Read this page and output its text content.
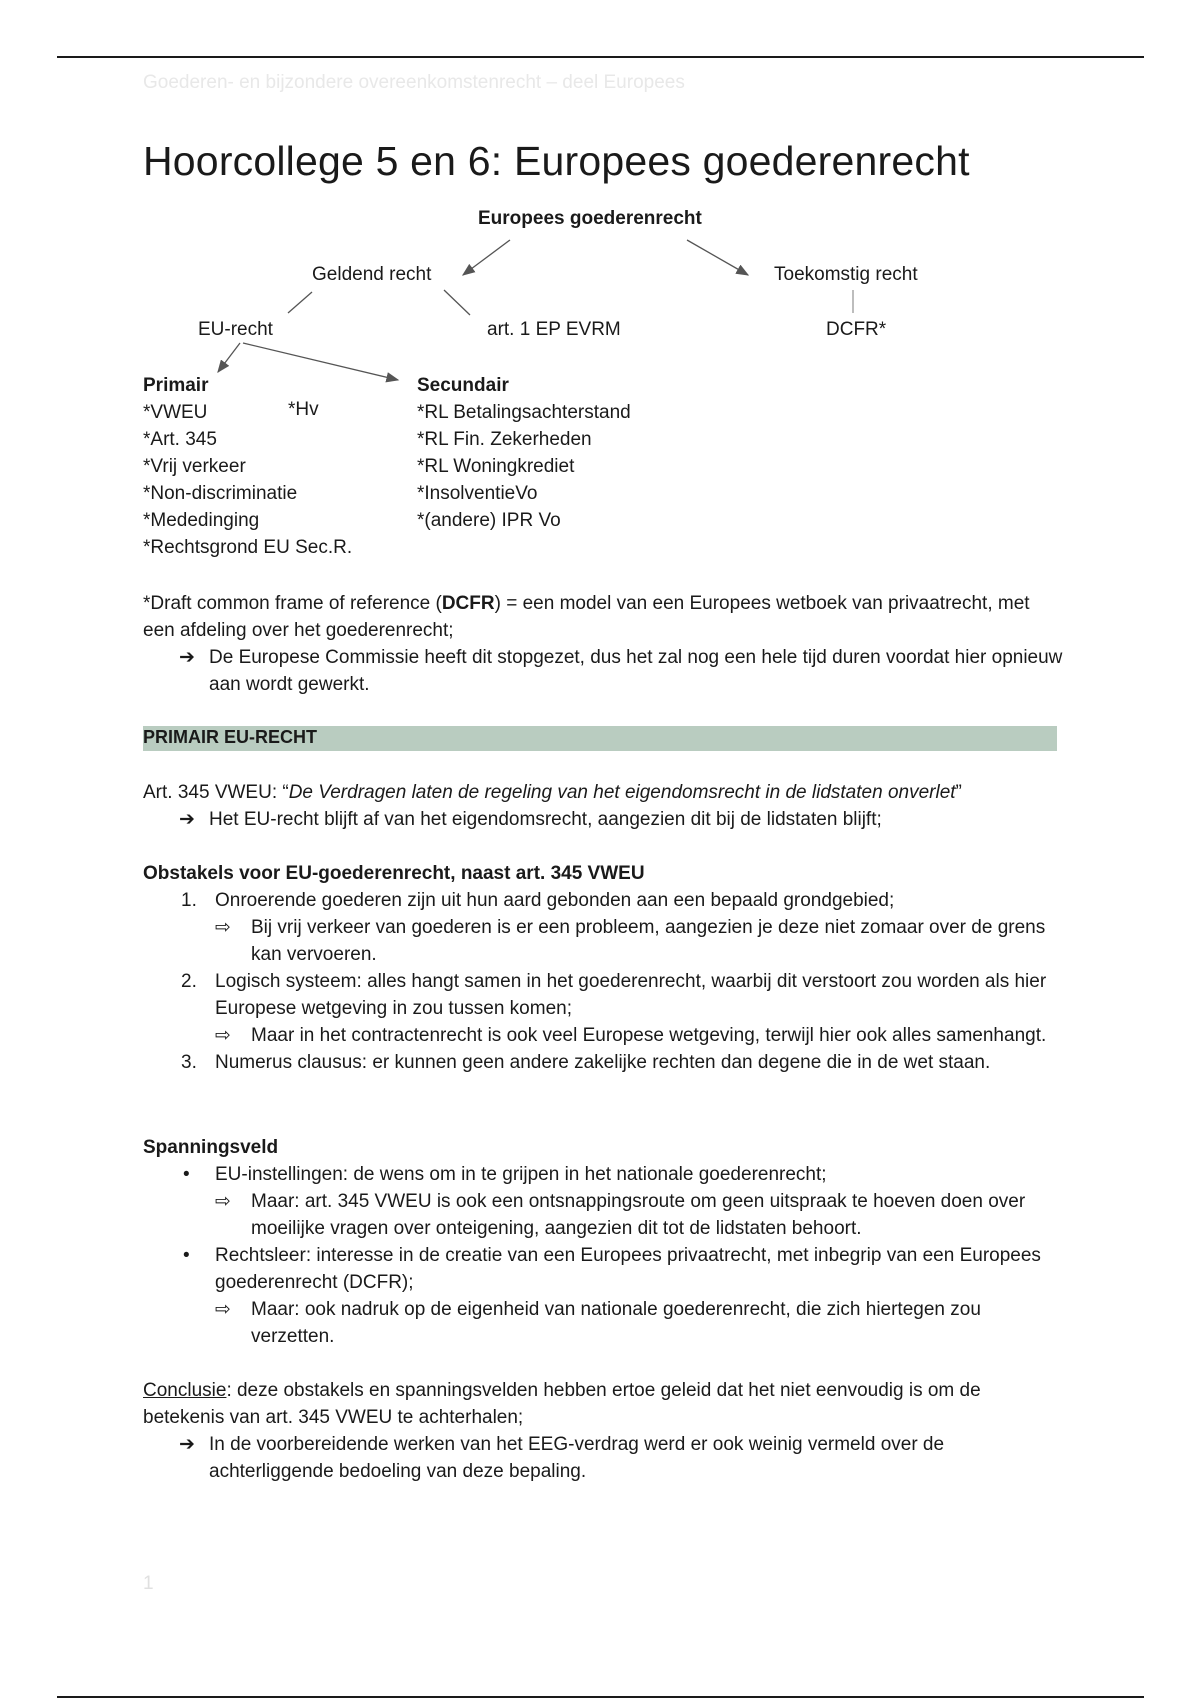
Goederen- en bijzondere overeenkomstenrecht – deel Europees
Hoorcollege 5 en 6: Europees goederenrecht
Europees goederenrecht
Geldend recht	Toekomstig recht
EU-recht	art. 1 EP EVRM	DCFR*
Primair
*VWEU
*Art. 345
*Vrij verkeer
*Non-discriminatie
*Mededinging
*Rechtsgrond EU Sec.R.
*Hv
Secundair
*RL Betalingsachterstand
*RL Fin. Zekerheden
*RL Woningkrediet
*InsolventieVo
*(andere) IPR Vo
*Draft common frame of reference (DCFR) = een model van een Europees wetboek van privaatrecht, met een afdeling over het goederenrecht;
➔ De Europese Commissie heeft dit stopgezet, dus het zal nog een hele tijd duren voordat hier opnieuw aan wordt gewerkt.
PRIMAIR EU-RECHT
Art. 345 VWEU: “De Verdragen laten de regeling van het eigendomsrecht in de lidstaten onverlet”
➔ Het EU-recht blijft af van het eigendomsrecht, aangezien dit bij de lidstaten blijft;
Obstakels voor EU-goederenrecht, naast art. 345 VWEU
1. Onroerende goederen zijn uit hun aard gebonden aan een bepaald grondgebied;
⇨	Bij vrij verkeer van goederen is er een probleem, aangezien je deze niet zomaar over de grens kan vervoeren.
2. Logisch systeem: alles hangt samen in het goederenrecht, waarbij dit verstoort zou worden als hier Europese wetgeving in zou tussen komen;
⇨	Maar in het contractenrecht is ook veel Europese wetgeving, terwijl hier ook alles samenhangt.
3. Numerus clausus: er kunnen geen andere zakelijke rechten dan degene die in de wet staan.
Spanningsveld
•	EU-instellingen: de wens om in te grijpen in het nationale goederenrecht;
⇨	Maar: art. 345 VWEU is ook een ontsnappingsroute om geen uitspraak te hoeven doen over moeilijke vragen over onteigening, aangezien dit tot de lidstaten behoort.
•	Rechtsleer: interesse in de creatie van een Europees privaatrecht, met inbegrip van een Europees goederenrecht (DCFR);
⇨	Maar: ook nadruk op de eigenheid van nationale goederenrecht, die zich hiertegen zou verzetten.
Conclusie: deze obstakels en spanningsvelden hebben ertoe geleid dat het niet eenvoudig is om de betekenis van art. 345 VWEU te achterhalen;
➔ In de voorbereidende werken van het EEG-verdrag werd er ook weinig vermeld over de achterliggende bedoeling van deze bepaling.
1
